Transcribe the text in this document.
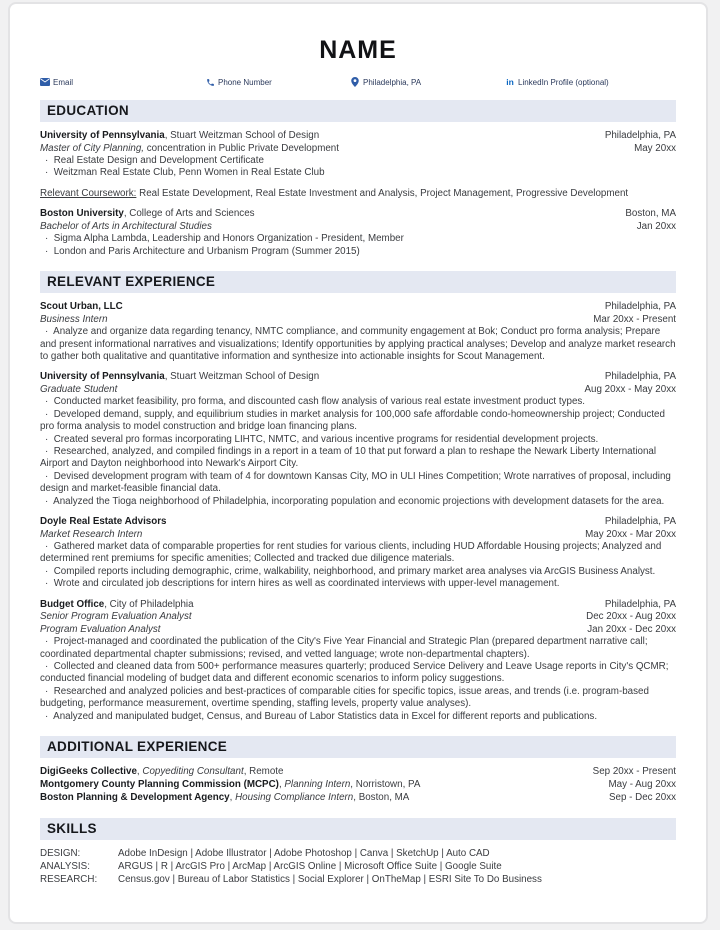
NAME
Email	Phone Number	Philadelphia, PA	in LinkedIn Profile (optional)
EDUCATION
University of Pennsylvania, Stuart Weitzman School of Design	Philadelphia, PA
Master of City Planning, concentration in Public Private Development	May 20xx

· Real Estate Design and Development Certificate

· Weitzman Real Estate Club, Penn Women in Real Estate Club

Relevant Coursework: Real Estate Development, Real Estate Investment and Analysis, Project Management, Progressive Development

Boston University, College of Arts and Sciences	Boston, MA
Bachelor of Arts in Architectural Studies	Jan 20xx

· Sigma Alpha Lambda, Leadership and Honors Organization - President, Member

· London and Paris Architecture and Urbanism Program (Summer 2015)

RELEVANT EXPERIENCE
Scout Urban, LLC	Philadelphia, PA
Business Intern	Mar 20xx - Present

· Analyze and organize data regarding tenancy, NMTC compliance, and community engagement at Bok; Conduct pro forma analysis; Prepare and present informational narratives and visualizations; Identify opportunities by applying practical analyses; Develop and analyze market research to gather both qualitative and quantitative information and synthesize into actionable insights for Scout Management.

University of Pennsylvania, Stuart Weitzman School of Design	Philadelphia, PA
Graduate Student	Aug 20xx - May 20xx

· Conducted market feasibility, pro forma, and discounted cash flow analysis of various real estate investment product types.

· Developed demand, supply, and equilibrium studies in market analysis for 100,000 safe affordable condo-homeownership project; Conducted pro forma analysis to model construction and bridge loan financing plans.

· Created several pro formas incorporating LIHTC, NMTC, and various incentive programs for residential development projects.

· Researched, analyzed, and compiled findings in a report in a team of 10 that put forward a plan to reshape the Newark Liberty International Airport and Dayton neighborhood into Newark's Airport City.

· Devised development program with team of 4 for downtown Kansas City, MO in ULI Hines Competition; Wrote narratives of proposal, including design and market-feasible financial data.

· Analyzed the Tioga neighborhood of Philadelphia, incorporating population and economic projections with development datasets for the area.

Doyle Real Estate Advisors	Philadelphia, PA
Market Research Intern	May 20xx - Mar 20xx

· Gathered market data of comparable properties for rent studies for various clients, including HUD Affordable Housing projects; Analyzed and determined rent premiums for specific amenities; Collected and tracked due diligence materials.

· Compiled reports including demographic, crime, walkability, neighborhood, and primary market area analyses via ArcGIS Business Analyst.

· Wrote and circulated job descriptions for intern hires as well as coordinated interviews with upper-level management.

Budget Office, City of Philadelphia	Philadelphia, PA
Senior Program Evaluation Analyst	Dec 20xx - Aug 20xx
Program Evaluation Analyst	Jan 20xx - Dec 20xx

· Project-managed and coordinated the publication of the City's Five Year Financial and Strategic Plan (prepared department narrative call; coordinated departmental chapter submissions; revised, and vetted language; wrote non-departmental chapters).

· Collected and cleaned data from 500+ performance measures quarterly; produced Service Delivery and Leave Usage reports in City's QCMR; conducted financial modeling of budget data and different economic scenarios to inform policy suggestions.

· Researched and analyzed policies and best-practices of comparable cities for specific topics, issue areas, and trends (i.e. program-based budgeting, performance measurement, overtime spending, staffing levels, property value analyses).

· Analyzed and manipulated budget, Census, and Bureau of Labor Statistics data in Excel for different reports and publications.

ADDITIONAL EXPERIENCE
DigiGeeks Collective, Copyediting Consultant, Remote	Sep 20xx - Present
Montgomery County Planning Commission (MCPC), Planning Intern, Norristown, PA	May - Aug 20xx
Boston Planning & Development Agency, Housing Compliance Intern, Boston, MA	Sep - Dec 20xx
SKILLS
DESIGN:	Adobe InDesign | Adobe Illustrator | Adobe Photoshop | Canva | SketchUp | Auto CAD
ANALYSIS:	ARGUS | R | ArcGIS Pro | ArcMap | ArcGIS Online | Microsoft Office Suite | Google Suite
RESEARCH:	Census.gov | Bureau of Labor Statistics | Social Explorer | OnTheMap | ESRI Site To Do Business
